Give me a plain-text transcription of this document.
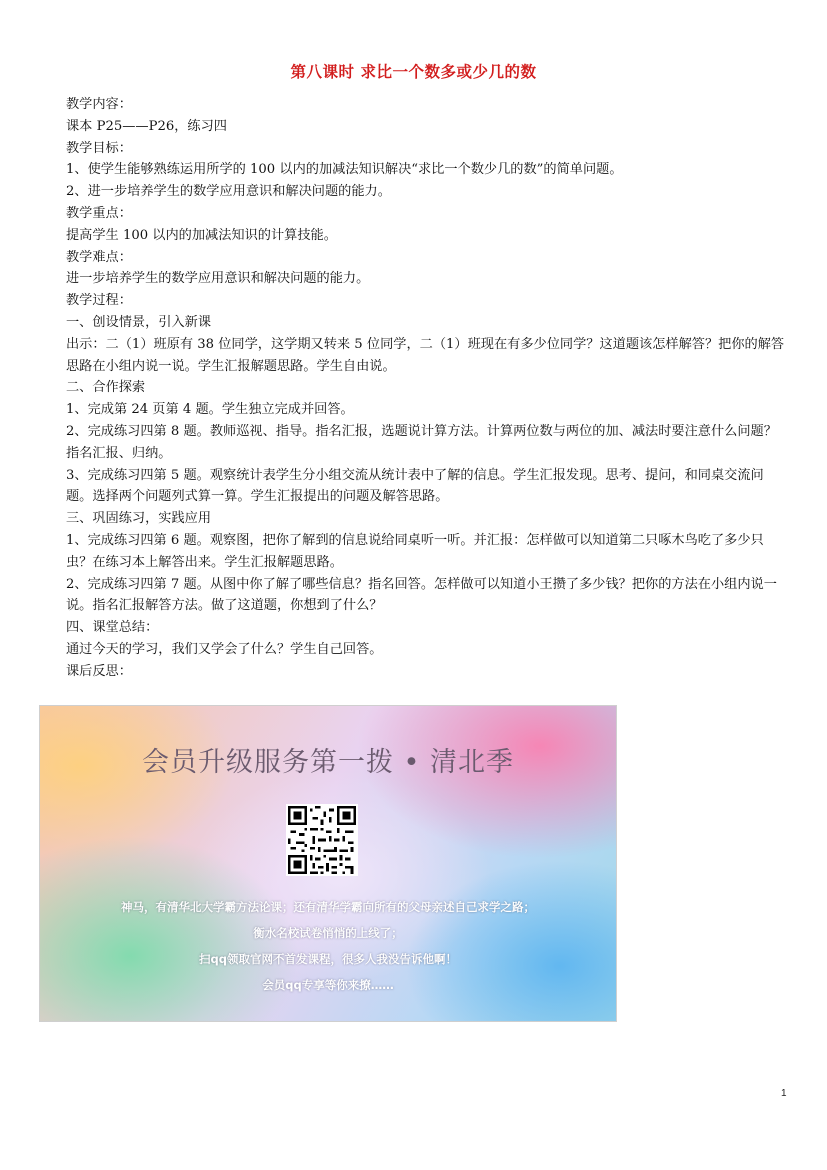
第八课时 求比一个数多或少几的数

教学内容：

课本 P25——P26，练习四

教学目标：

1、使学生能够熟练运用所学的 100 以内的加减法知识解决“求比一个数少几的数”的简单问题。

2、进一步培养学生的数学应用意识和解决问题的能力。

教学重点：

提高学生 100 以内的加减法知识的计算技能。

教学难点：

进一步培养学生的数学应用意识和解决问题的能力。

教学过程：

一、创设情景，引入新课

出示：二（1）班原有 38 位同学，这学期又转来 5 位同学，二（1）班现在有多少位同学？这道题该怎样解答？把你的解答思路在小组内说一说。学生汇报解题思路。学生自由说。

二、合作探索

1、完成第 24 页第 4 题。学生独立完成并回答。

2、完成练习四第 8 题。教师巡视、指导。指名汇报，选题说计算方法。计算两位数与两位的加、减法时要注意什么问题？指名汇报、归纳。

3、完成练习四第 5 题。观察统计表学生分小组交流从统计表中了解的信息。学生汇报发现。思考、提问，和同桌交流问题。选择两个问题列式算一算。学生汇报提出的问题及解答思路。

三、巩固练习，实践应用

1、完成练习四第 6 题。观察图，把你了解到的信息说给同桌听一听。并汇报：怎样做可以知道第二只啄木鸟吃了多少只虫？在练习本上解答出来。学生汇报解题思路。

2、完成练习四第 7 题。从图中你了解了哪些信息？指名回答。怎样做可以知道小王攒了多少钱？把你的方法在小组内说一说。指名汇报解答方法。做了这道题，你想到了什么？

四、课堂总结：

通过今天的学习，我们又学会了什么？学生自己回答。

课后反思：

会员升级服务第一拨 • 清北季
神马，有清华北大学霸方法论课；还有清华学霸向所有的父母亲述自己求学之路；
衡水名校试卷悄悄的上线了；
扫qq领取官网不首发课程，很多人我没告诉他啊！
会员qq专享等你来撩……
1
